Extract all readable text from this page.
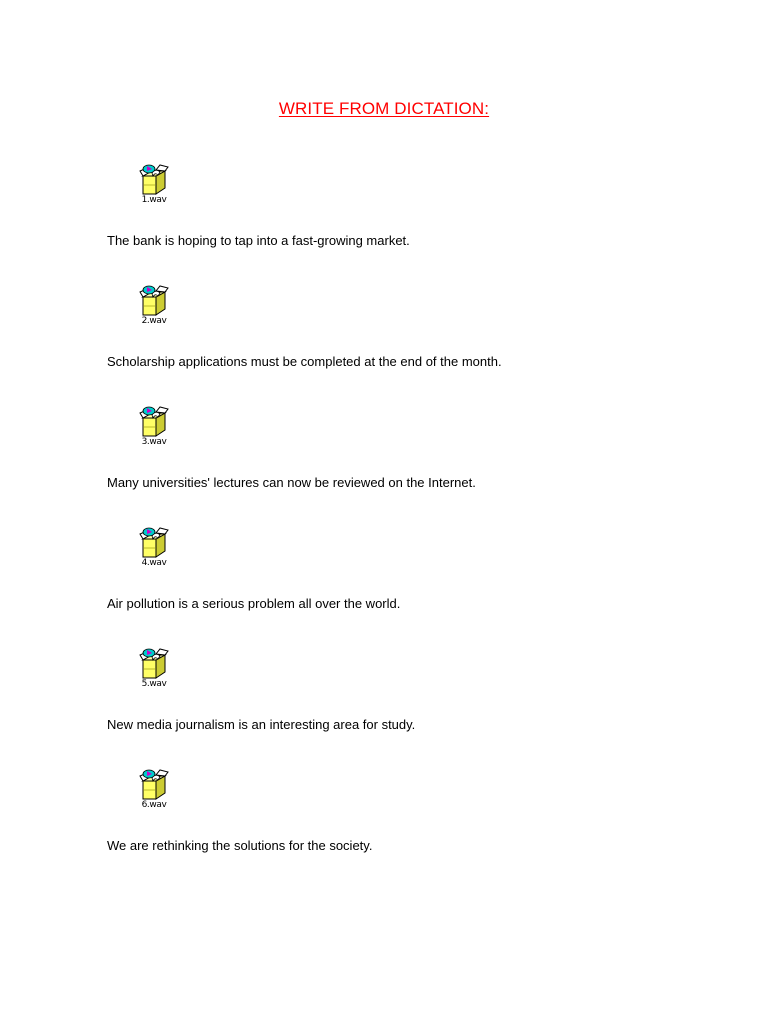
WRITE FROM DICTATION:
1.wav
The bank is hoping to tap into a fast-growing market.
2.wav
Scholarship applications must be completed at the end of the month.
3.wav
Many universities' lectures can now be reviewed on the Internet.
4.wav
Air pollution is a serious problem all over the world.
5.wav
New media journalism is an interesting area for study.
6.wav
We are rethinking the solutions for the society.
